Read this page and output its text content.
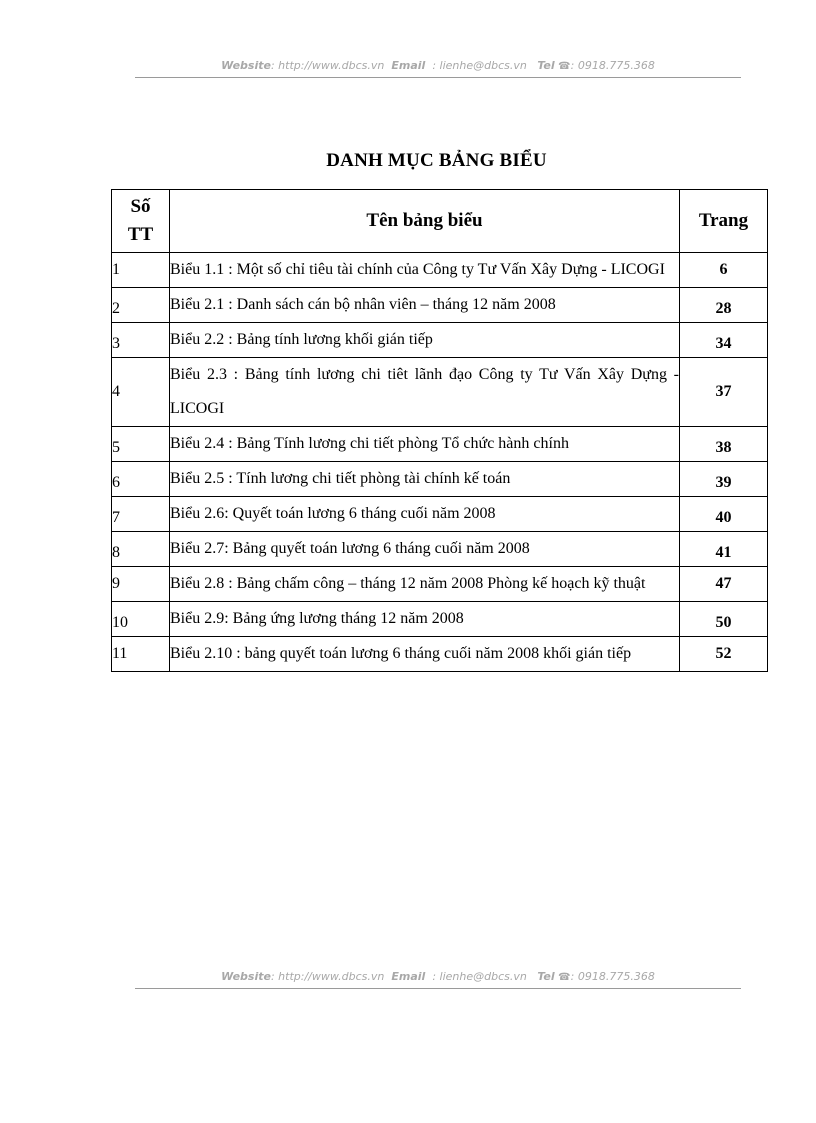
Website: http://www.dbcs.vn Email : lienhe@dbcs.vn Tel ☎: 0918.775.368
DANH MỤC BẢNG BIỂU
Số
TT	Tên bảng biểu	Trang
1	Biểu 1.1 : Một số chỉ tiêu tài chính của Công ty Tư Vấn Xây Dựng - LICOGI	6
2	Biểu 2.1 : Danh sách cán bộ nhân viên – tháng 12 năm 2008	28
3	Biểu 2.2 : Bảng tính lương khối gián tiếp	34
4	Biểu 2.3 : Bảng tính lương chi tiêt lãnh đạo Công ty Tư Vấn Xây Dựng - LICOGI	37
5	Biểu 2.4 : Bảng Tính lương chi tiết phòng Tổ chức hành chính	38
6	Biểu 2.5 : Tính lương chi tiết phòng tài chính kế toán	39
7	Biểu 2.6: Quyết toán lương 6 tháng cuối năm 2008	40
8	Biểu 2.7: Bảng quyết toán lương 6 tháng cuối năm 2008	41
9	Biểu 2.8 : Bảng chấm công – tháng 12 năm 2008 Phòng kế hoạch kỹ thuật	47
10	Biểu 2.9: Bảng ứng lương tháng 12 năm 2008	50
11	Biểu 2.10 : bảng quyết toán lương 6 tháng cuối năm 2008 khối gián tiếp	52
Website: http://www.dbcs.vn Email : lienhe@dbcs.vn Tel ☎: 0918.775.368
